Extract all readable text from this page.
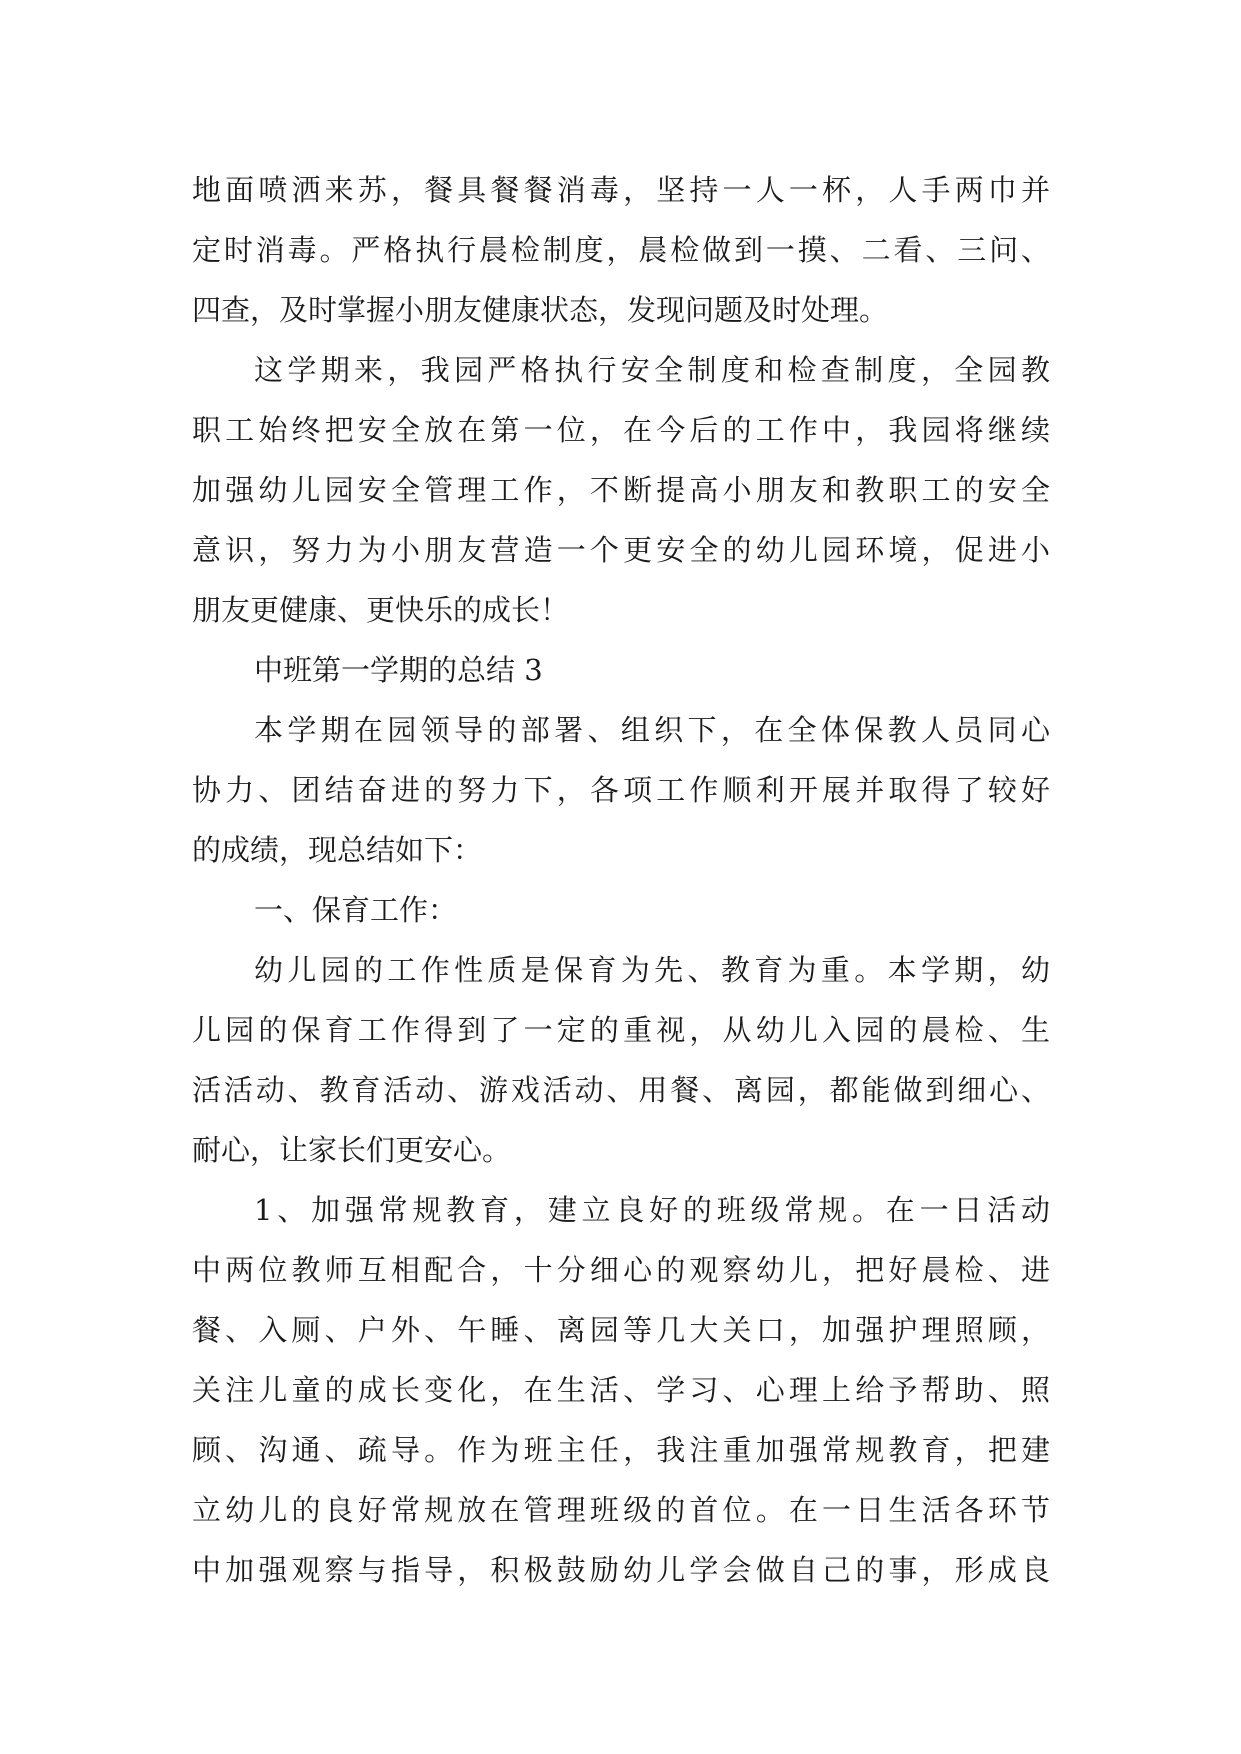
地面喷洒来苏，餐具餐餐消毒，坚持一人一杯，人手两巾并
定时消毒。严格执行晨检制度，晨检做到一摸、二看、三问、
四查，及时掌握小朋友健康状态，发现问题及时处理。
这学期来，我园严格执行安全制度和检查制度，全园教
职工始终把安全放在第一位，在今后的工作中，我园将继续
加强幼儿园安全管理工作，不断提高小朋友和教职工的安全
意识，努力为小朋友营造一个更安全的幼儿园环境，促进小
朋友更健康、更快乐的成长！
中班第一学期的总结 3
本学期在园领导的部署、组织下，在全体保教人员同心
协力、团结奋进的努力下，各项工作顺利开展并取得了较好
的成绩，现总结如下：
一、保育工作：
幼儿园的工作性质是保育为先、教育为重。本学期，幼
儿园的保育工作得到了一定的重视，从幼儿入园的晨检、生
活活动、教育活动、游戏活动、用餐、离园，都能做到细心、
耐心，让家长们更安心。
1、加强常规教育，建立良好的班级常规。在一日活动
中两位教师互相配合，十分细心的观察幼儿，把好晨检、进
餐、入厕、户外、午睡、离园等几大关口，加强护理照顾，
关注儿童的成长变化，在生活、学习、心理上给予帮助、照
顾、沟通、疏导。作为班主任，我注重加强常规教育，把建
立幼儿的良好常规放在管理班级的首位。在一日生活各环节
中加强观察与指导，积极鼓励幼儿学会做自己的事，形成良
